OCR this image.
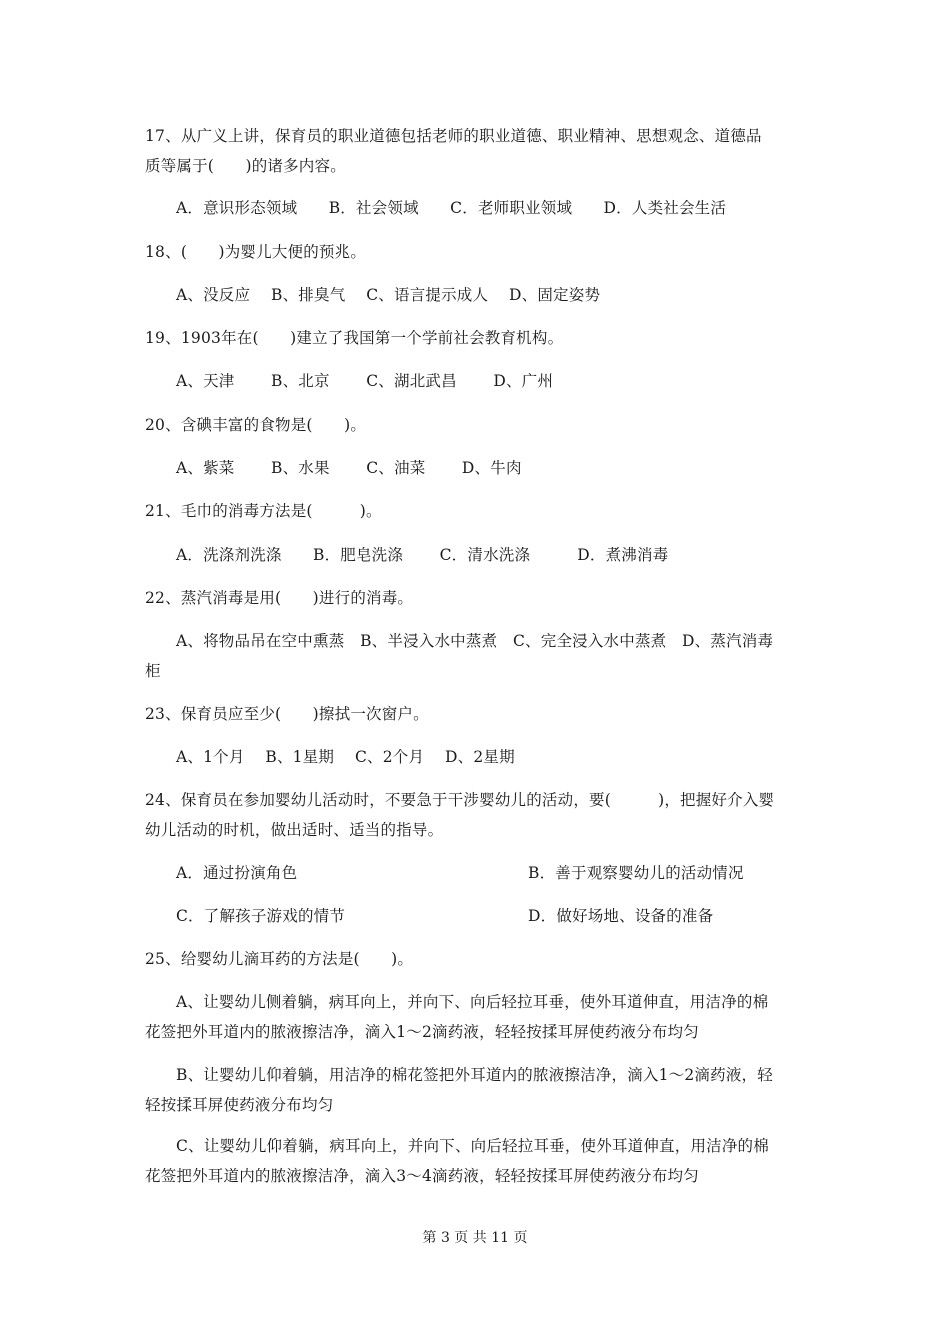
17、从广义上讲，保育员的职业道德包括老师的职业道德、职业精神、思想观念、道德品
质等属于(　　)的诸多内容。
A．意识形态领域　　B．社会领域　　C．老师职业领域　　D．人类社会生活
18、(　　)为婴儿大便的预兆。
A、没反应　 B、排臭气　 C、语言提示成人　 D、固定姿势
19、1903年在(　　)建立了我国第一个学前社会教育机构。
A、天津　　 B、北京　　 C、湖北武昌　　 D、广州
20、含碘丰富的食物是(　　)。
A、紫菜　　 B、水果　　 C、油菜　　 D、牛肉
21、毛巾的消毒方法是(　　　)。
A．洗涤剂洗涤　　B．肥皂洗涤　　 C．清水洗涤　　　D．煮沸消毒
22、蒸汽消毒是用(　　)进行的消毒。
A、将物品吊在空中熏蒸　B、半浸入水中蒸煮　C、完全浸入水中蒸煮　D、蒸汽消毒
柜
23、保育员应至少(　　)擦拭一次窗户。
A、1个月　 B、1星期　 C、2个月　 D、2星期
24、保育员在参加婴幼儿活动时，不要急于干涉婴幼儿的活动，要(　　　)，把握好介入婴
幼儿活动的时机，做出适时、适当的指导。
A．通过扮演角色	B．善于观察婴幼儿的活动情况
C．了解孩子游戏的情节	D．做好场地、设备的准备
25、给婴幼儿滴耳药的方法是(　　)。
A、让婴幼儿侧着躺，病耳向上，并向下、向后轻拉耳垂，使外耳道伸直，用洁净的棉
花签把外耳道内的脓液擦洁净，滴入1～2滴药液，轻轻按揉耳屏使药液分布均匀
B、让婴幼儿仰着躺，用洁净的棉花签把外耳道内的脓液擦洁净，滴入1～2滴药液，轻
轻按揉耳屏使药液分布均匀
C、让婴幼儿仰着躺，病耳向上，并向下、向后轻拉耳垂，使外耳道伸直，用洁净的棉
花签把外耳道内的脓液擦洁净，滴入3～4滴药液，轻轻按揉耳屏使药液分布均匀
第 3 页 共 11 页
